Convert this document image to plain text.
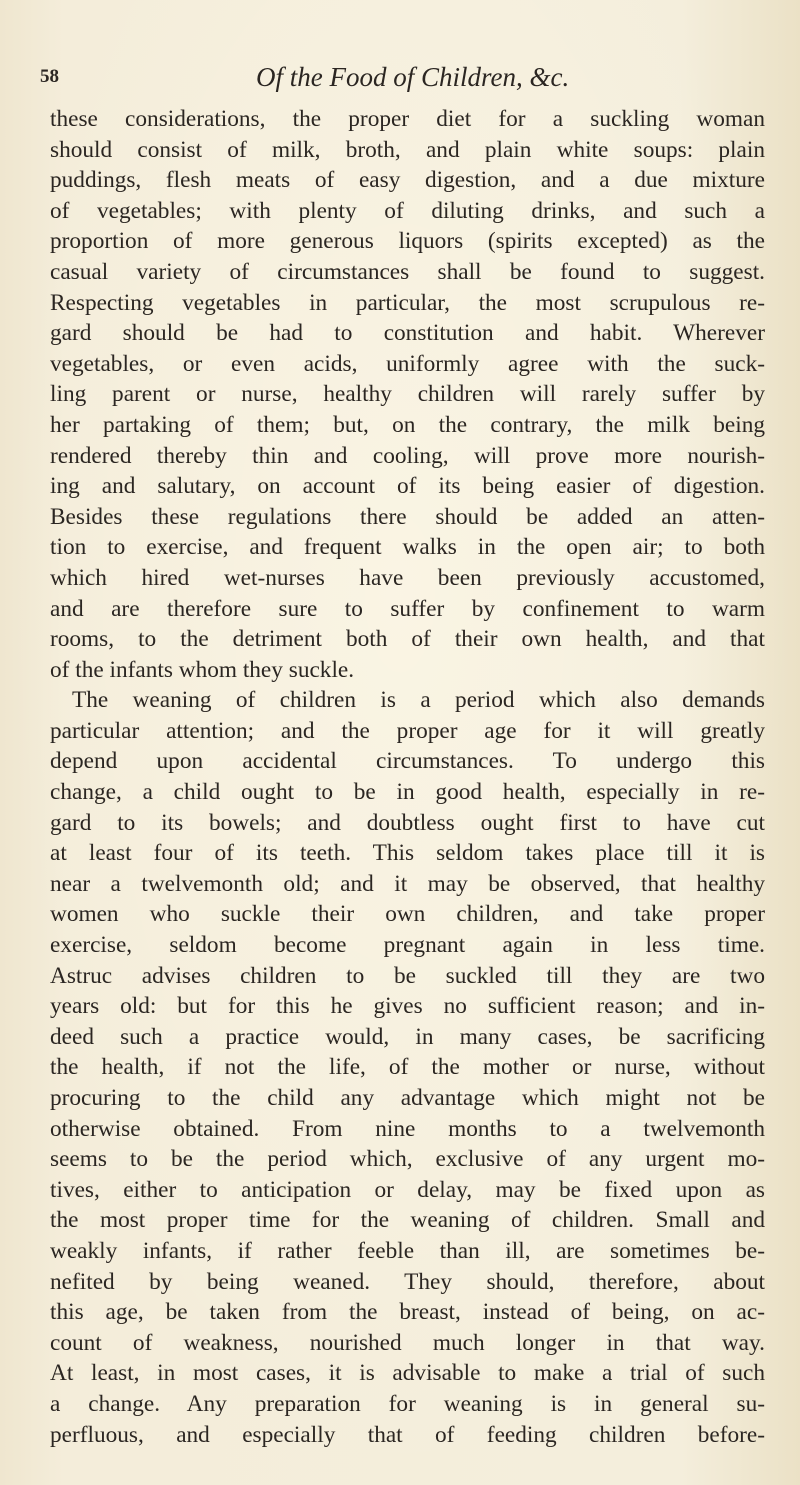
58	Of the Food of Children, &c.
these considerations, the proper diet for a suckling woman
should consist of milk, broth, and plain white soups: plain
puddings, flesh meats of easy digestion, and a due mixture
of vegetables; with plenty of diluting drinks, and such a
proportion of more generous liquors (spirits excepted) as the
casual variety of circumstances shall be found to suggest.
Respecting vegetables in particular, the most scrupulous re-
gard should be had to constitution and habit. Wherever
vegetables, or even acids, uniformly agree with the suck-
ling parent or nurse, healthy children will rarely suffer by
her partaking of them; but, on the contrary, the milk being
rendered thereby thin and cooling, will prove more nourish-
ing and salutary, on account of its being easier of digestion.
Besides these regulations there should be added an atten-
tion to exercise, and frequent walks in the open air; to both
which hired wet-nurses have been previously accustomed,
and are therefore sure to suffer by confinement to warm
rooms, to the detriment both of their own health, and that
of the infants whom they suckle.
The weaning of children is a period which also demands
particular attention; and the proper age for it will greatly
depend upon accidental circumstances. To undergo this
change, a child ought to be in good health, especially in re-
gard to its bowels; and doubtless ought first to have cut
at least four of its teeth. This seldom takes place till it is
near a twelvemonth old; and it may be observed, that healthy
women who suckle their own children, and take proper
exercise, seldom become pregnant again in less time.
Astruc advises children to be suckled till they are two
years old: but for this he gives no sufficient reason; and in-
deed such a practice would, in many cases, be sacrificing
the health, if not the life, of the mother or nurse, without
procuring to the child any advantage which might not be
otherwise obtained. From nine months to a twelvemonth
seems to be the period which, exclusive of any urgent mo-
tives, either to anticipation or delay, may be fixed upon as
the most proper time for the weaning of children. Small and
weakly infants, if rather feeble than ill, are sometimes be-
nefited by being weaned. They should, therefore, about
this age, be taken from the breast, instead of being, on ac-
count of weakness, nourished much longer in that way.
At least, in most cases, it is advisable to make a trial of such
a change. Any preparation for weaning is in general su-
perfluous, and especially that of feeding children before-
